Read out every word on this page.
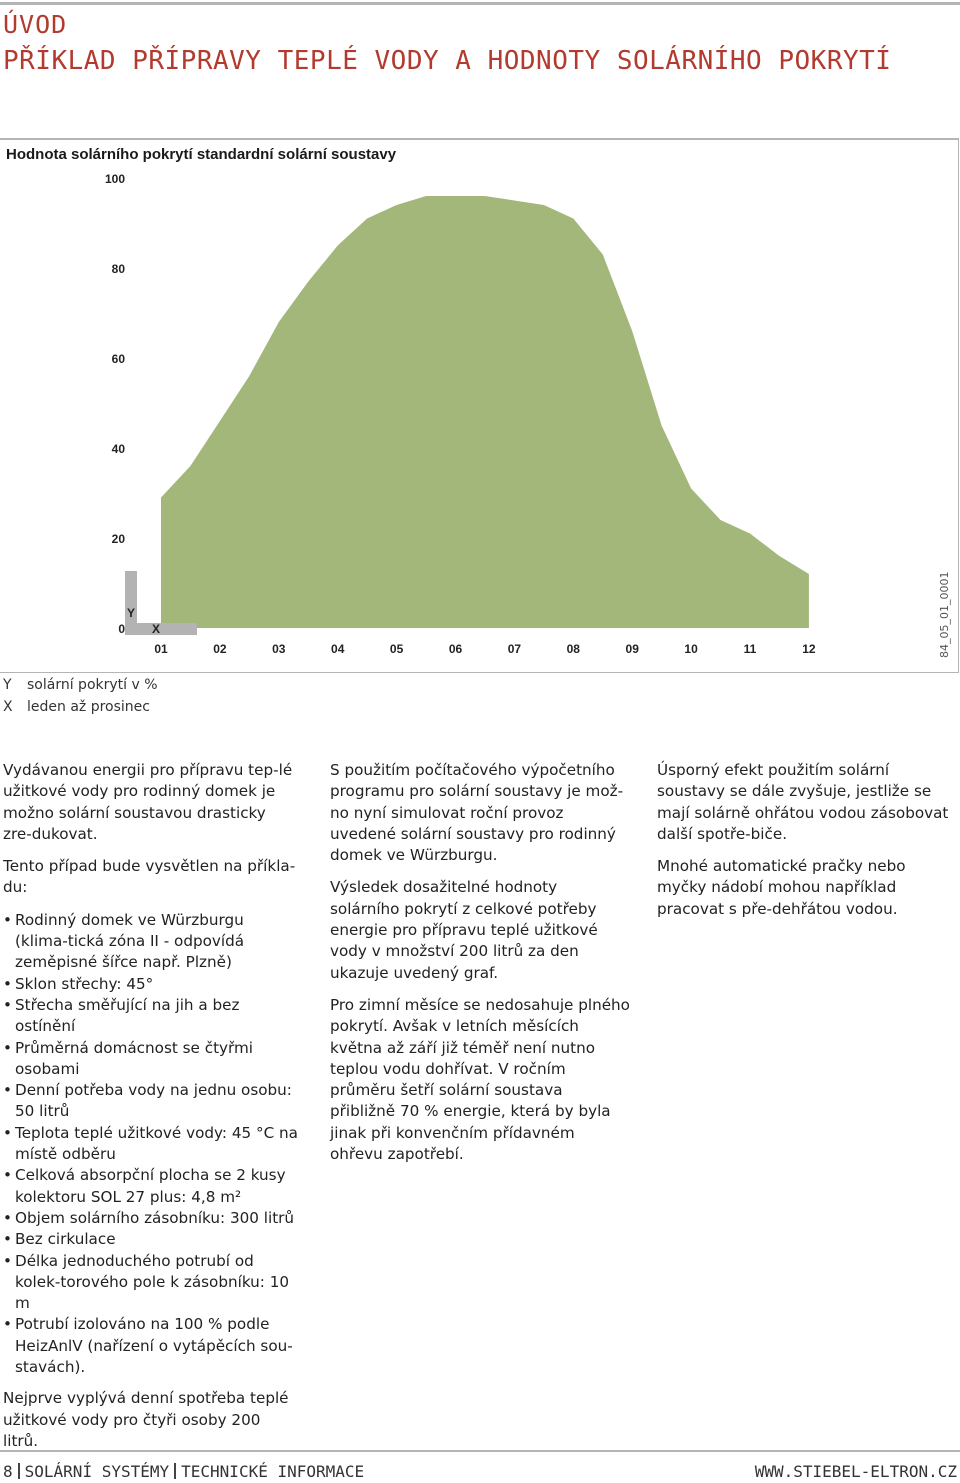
ÚVOD
PŘÍKLAD PŘÍPRAVY TEPLÉ VODY A HODNOTY SOLÁRNÍHO POKRYTÍ
Hodnota solárního pokrytí standardní solární soustavy
84_05_01_0001
0
20
40
60
80
100
01	02	03	04	05	06	07	08	09	10	11	12
Y
X
Y solární pokrytí v %
X leden až prosinec

Vydávanou energii pro přípravu tep-lé užitkové vody pro rodinný domek je možno solární soustavou drasticky zre-dukovat.

Tento případ bude vysvětlen na příkla-du:

• Rodinný domek ve Würzburgu (klima-tická zóna II - odpovídá zeměpisné šířce např. Plzně)
• Sklon střechy: 45°
• Střecha směřující na jih a bez ostínění
• Průměrná domácnost se čtyřmi osobami
• Denní potřeba vody na jednu osobu: 50 litrů
• Teplota teplé užitkové vody: 45 °C na místě odběru
• Celková absorpční plocha se 2 kusy kolektoru SOL 27 plus: 4,8 m²
• Objem solárního zásobníku: 300 litrů
• Bez cirkulace
• Délka jednoduchého potrubí od kolek-torového pole k zásobníku: 10 m
• Potrubí izolováno na 100 % podle HeizAnlV (nařízení o vytápěcích sou-stavách).

Nejprve vyplývá denní spotřeba teplé užitkové vody pro čtyři osoby 200 litrů.

S použitím počítačového výpočetního programu pro solární soustavy je mož-no nyní simulovat roční provoz uvedené solární soustavy pro rodinný domek ve Würzburgu.

Výsledek dosažitelné hodnoty solárního pokrytí z celkové potřeby energie pro přípravu teplé užitkové vody v množství 200 litrů za den ukazuje uvedený graf.

Pro zimní měsíce se nedosahuje plného pokrytí. Avšak v letních měsících května až září již téměř není nutno teplou vodu dohřívat. V ročním průměru šetří solární soustava přibližně 70 % energie, která by byla jinak při konvenčním přídavném ohřevu zapotřebí.

Úsporný efekt použitím solární soustavy se dále zvyšuje, jestliže se mají solárně ohřátou vodou zásobovat další spotře-biče.

Mnohé automatické pračky nebo myčky nádobí mohou například pracovat s pře-dehřátou vodou.

8 SOLÁRNÍ SYSTÉMY TECHNICKÉ INFORMACE	WWW.STIEBEL-ELTRON.CZ
